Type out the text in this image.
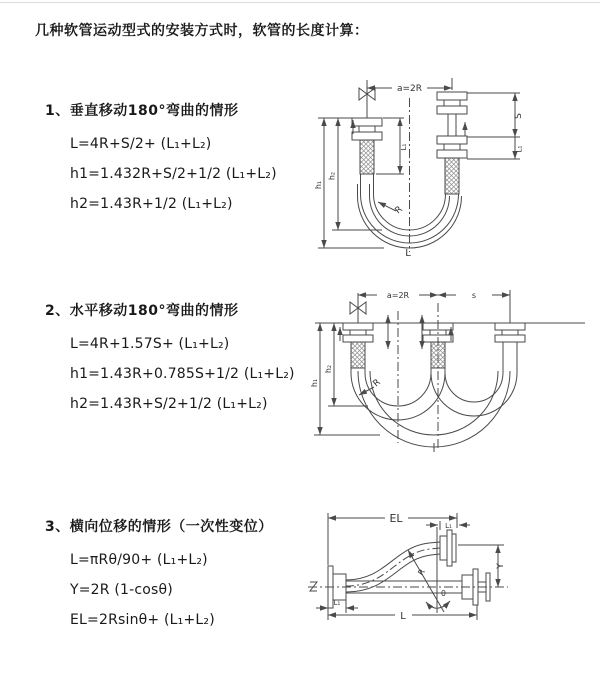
几种软管运动型式的安装方式时，软管的长度计算：
1、垂直移动180°弯曲的情形
L=4R+S/2+ (L₁+L₂)
h1=1.432R+S/2+1/2 (L₁+L₂)
h2=1.43R+1/2 (L₁+L₂)
2、水平移动180°弯曲的情形
L=4R+1.57S+ (L₁+L₂)
h1=1.43R+0.785S+1/2 (L₁+L₂)
h2=1.43R+S/2+1/2 (L₁+L₂)
3、横向位移的情形（一次性变位）
L=πRθ/90+ (L₁+L₂)
Y=2R (1-cosθ)
EL=2Rsinθ+ (L₁+L₂)
a=2R
S
L₁
L₁
h₁
h₂
R
L
a=2R	s
h₁
h₂
R
EL
L₁
Y
L₁
R
θ
L
